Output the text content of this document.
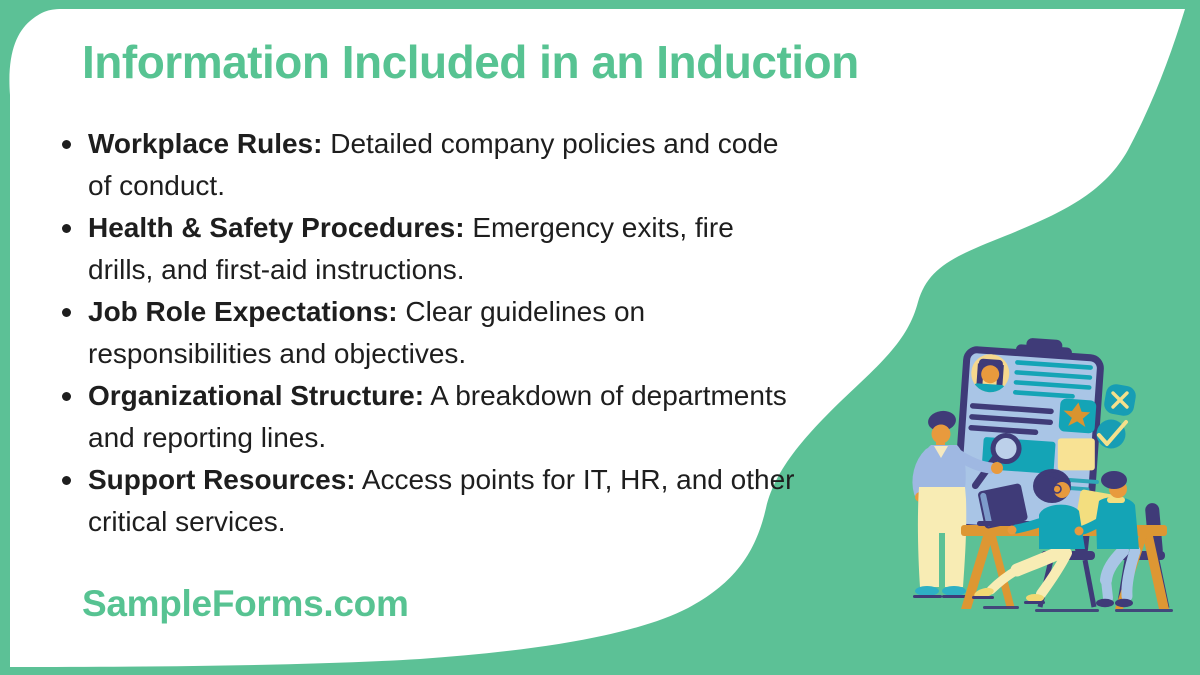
Information Included in an Induction
Workplace Rules: Detailed company policies and code of conduct.
Health & Safety Procedures: Emergency exits, fire drills, and first-aid instructions.
Job Role Expectations: Clear guidelines on responsibilities and objectives.
Organizational Structure: A breakdown of departments and reporting lines.
Support Resources: Access points for IT, HR, and other critical services.
SampleForms.com
